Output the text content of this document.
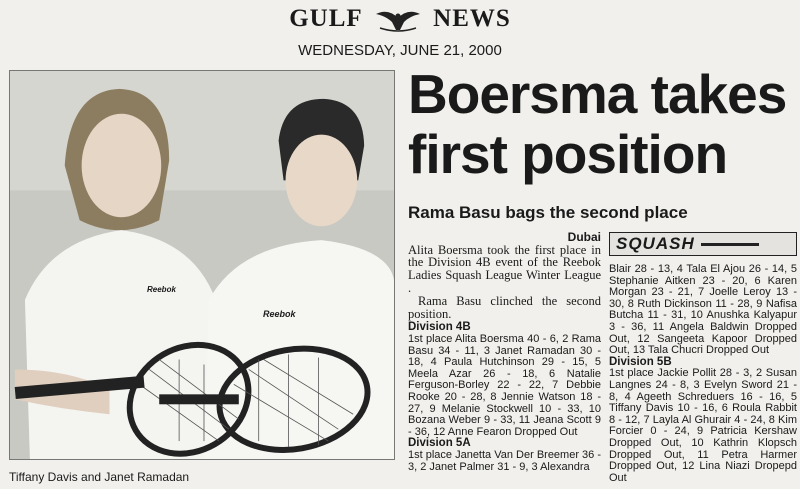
GULF	NEWS
WEDNESDAY, JUNE 21, 2000
Reebok
Reebok
Tiffany Davis and Janet Ramadan
Boersma takes
first position
Rama Basu bags the second place
Dubai

Alita Boersma took the first place in the Division 4B event of the Reebok Ladies Squash League Winter League .

Rama Basu clinched the second position.

Division 4B

1st place Alita Boersma 40 - 6, 2 Rama Basu 34 - 11, 3 Janet Ramadan 30 - 18, 4 Paula Hutchinson 29 - 15, 5 Meela Azar 26 - 18, 6 Natalie Ferguson-Borley 22 - 22, 7 Debbie Rooke 20 - 28, 8 Jennie Watson 18 - 27, 9 Melanie Stockwell 10 - 33, 10 Bozana Weber 9 - 33, 11 Jeana Scott 9 - 36, 12 Anne Fearon Dropped Out

Division 5A

1st place Janetta Van Der Breemer 36 - 3, 2 Janet Palmer 31 - 9, 3 Alexandra

SQUASH

Blair 28 - 13, 4 Tala El Ajou 26 - 14, 5 Stephanie Aitken 23 - 20, 6 Karen Morgan 23 - 21, 7 Joelle Leroy 13 - 30, 8 Ruth Dickinson 11 - 28, 9 Nafisa Butcha 11 - 31, 10 Anushka Kalyapur 3 - 36, 11 Angela Baldwin Dropped Out, 12 Sangeeta Kapoor Dropped Out, 13 Tala Chucri Dropped Out

Division 5B

1st place Jackie Pollit 28 - 3, 2 Susan Langnes 24 - 8, 3 Evelyn Sword 21 - 8, 4 Ageeth Schreduers 16 - 16, 5 Tiffany Davis 10 - 16, 6 Roula Rabbit 8 - 12, 7 Layla Al Ghurair 4 - 24, 8 Kim Forcier 0 - 24, 9 Patricia Kershaw Dropped Out, 10 Kathrin Klopsch Dropped Out, 11 Petra Harmer Dropped Out, 12 Lina Niazi Dropepd Out
